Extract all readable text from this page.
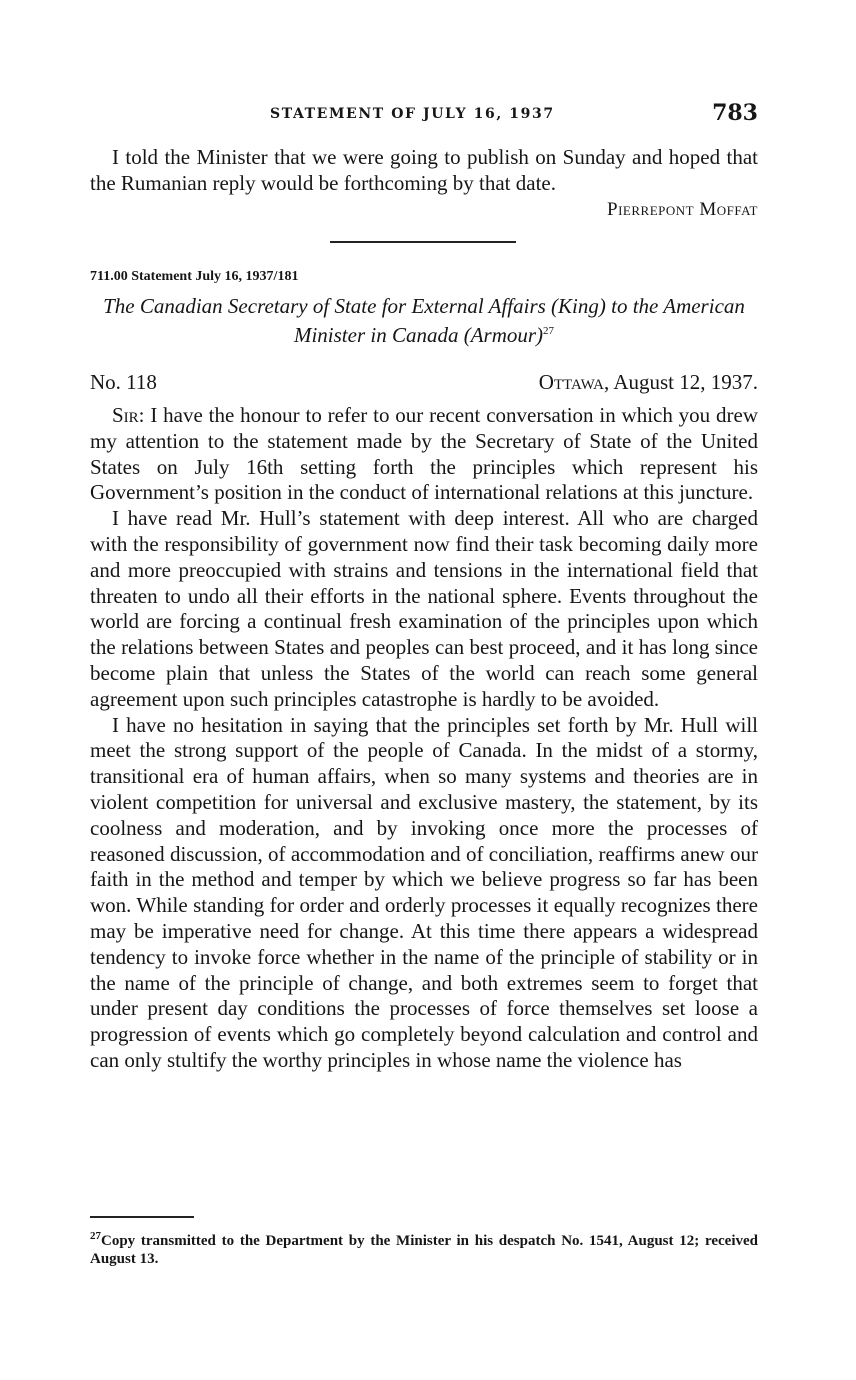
STATEMENT OF JULY 16, 1937	783

I told the Minister that we were going to publish on Sunday and hoped that the Rumanian reply would be forthcoming by that date.

Pierrepont Moffat

711.00 Statement July 16, 1937/181
The Canadian Secretary of State for External Affairs (King) to the American Minister in Canada (Armour)$^{27}$
No. 118	Ottawa, August 12, 1937.

Sir: I have the honour to refer to our recent conversation in which you drew my attention to the statement made by the Secretary of State of the United States on July 16th setting forth the principles which represent his Government’s position in the conduct of international relations at this juncture.

I have read Mr. Hull’s statement with deep interest. All who are charged with the responsibility of government now find their task becoming daily more and more preoccupied with strains and tensions in the international field that threaten to undo all their efforts in the national sphere. Events throughout the world are forcing a continual fresh examination of the principles upon which the relations between States and peoples can best proceed, and it has long since become plain that unless the States of the world can reach some general agreement upon such principles catastrophe is hardly to be avoided.

I have no hesitation in saying that the principles set forth by Mr. Hull will meet the strong support of the people of Canada. In the midst of a stormy, transitional era of human affairs, when so many systems and theories are in violent competition for universal and exclusive mastery, the statement, by its coolness and moderation, and by invoking once more the processes of reasoned discussion, of accommodation and of conciliation, reaffirms anew our faith in the method and temper by which we believe progress so far has been won. While standing for order and orderly processes it equally recognizes there may be imperative need for change. At this time there appears a widespread tendency to invoke force whether in the name of the principle of stability or in the name of the principle of change, and both extremes seem to forget that under present day conditions the processes of force themselves set loose a progression of events which go completely beyond calculation and control and can only stultify the worthy principles in whose name the violence has

$^{27}$Copy transmitted to the Department by the Minister in his despatch No. 1541, August 12; received August 13.
